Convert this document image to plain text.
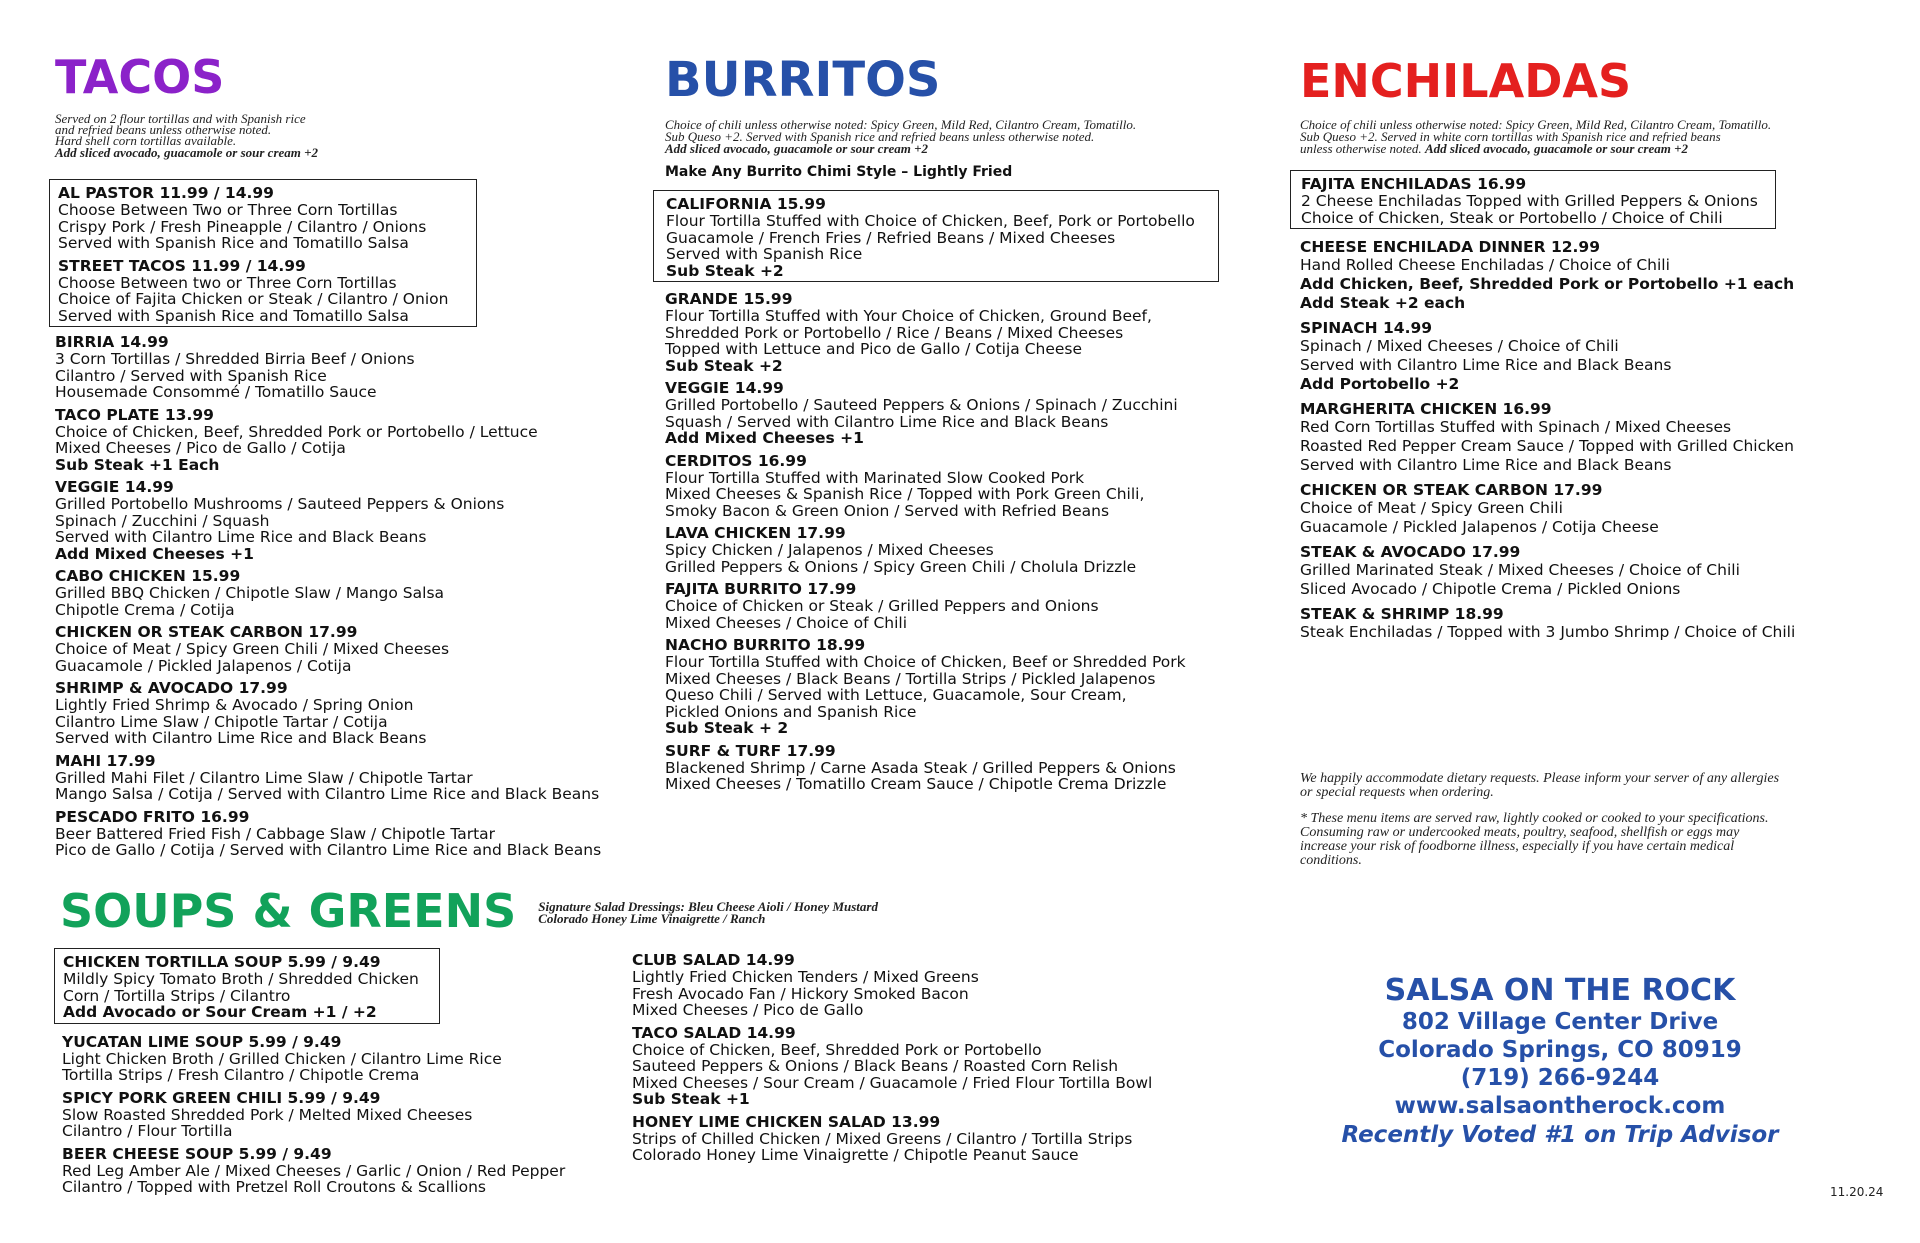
TACOS
Served on 2 flour tortillas and with Spanish rice
and refried beans unless otherwise noted.
Hard shell corn tortillas available.
Add sliced avocado, guacamole or sour cream +2
AL PASTOR 11.99 / 14.99
Choose Between Two or Three Corn Tortillas
Crispy Pork / Fresh Pineapple / Cilantro / Onions
Served with Spanish Rice and Tomatillo Salsa
STREET TACOS 11.99 / 14.99
Choose Between two or Three Corn Tortillas
Choice of Fajita Chicken or Steak / Cilantro / Onion
Served with Spanish Rice and Tomatillo Salsa
BIRRIA 14.99
3 Corn Tortillas / Shredded Birria Beef / Onions
Cilantro / Served with Spanish Rice
Housemade Consommé / Tomatillo Sauce
TACO PLATE 13.99
Choice of Chicken, Beef, Shredded Pork or Portobello / Lettuce
Mixed Cheeses / Pico de Gallo / Cotija
Sub Steak +1 Each
VEGGIE 14.99
Grilled Portobello Mushrooms / Sauteed Peppers & Onions
Spinach / Zucchini / Squash
Served with Cilantro Lime Rice and Black Beans
Add Mixed Cheeses +1
CABO CHICKEN 15.99
Grilled BBQ Chicken / Chipotle Slaw / Mango Salsa
Chipotle Crema / Cotija
CHICKEN OR STEAK CARBON 17.99
Choice of Meat / Spicy Green Chili / Mixed Cheeses
Guacamole / Pickled Jalapenos / Cotija
SHRIMP & AVOCADO 17.99
Lightly Fried Shrimp & Avocado / Spring Onion
Cilantro Lime Slaw / Chipotle Tartar / Cotija
Served with Cilantro Lime Rice and Black Beans
MAHI 17.99
Grilled Mahi Filet / Cilantro Lime Slaw / Chipotle Tartar
Mango Salsa / Cotija / Served with Cilantro Lime Rice and Black Beans
PESCADO FRITO 16.99
Beer Battered Fried Fish / Cabbage Slaw / Chipotle Tartar
Pico de Gallo / Cotija / Served with Cilantro Lime Rice and Black Beans
BURRITOS
Choice of chili unless otherwise noted: Spicy Green, Mild Red, Cilantro Cream, Tomatillo.
Sub Queso +2. Served with Spanish rice and refried beans unless otherwise noted.
Add sliced avocado, guacamole or sour cream +2
Make Any Burrito Chimi Style – Lightly Fried
CALIFORNIA 15.99
Flour Tortilla Stuffed with Choice of Chicken, Beef, Pork or Portobello
Guacamole / French Fries / Refried Beans / Mixed Cheeses
Served with Spanish Rice
Sub Steak +2
GRANDE 15.99
Flour Tortilla Stuffed with Your Choice of Chicken, Ground Beef,
Shredded Pork or Portobello / Rice / Beans / Mixed Cheeses
Topped with Lettuce and Pico de Gallo / Cotija Cheese
Sub Steak +2
VEGGIE 14.99
Grilled Portobello / Sauteed Peppers & Onions / Spinach / Zucchini
Squash / Served with Cilantro Lime Rice and Black Beans
Add Mixed Cheeses +1
CERDITOS 16.99
Flour Tortilla Stuffed with Marinated Slow Cooked Pork
Mixed Cheeses & Spanish Rice / Topped with Pork Green Chili,
Smoky Bacon & Green Onion / Served with Refried Beans
LAVA CHICKEN 17.99
Spicy Chicken / Jalapenos / Mixed Cheeses
Grilled Peppers & Onions / Spicy Green Chili / Cholula Drizzle
FAJITA BURRITO 17.99
Choice of Chicken or Steak / Grilled Peppers and Onions
Mixed Cheeses / Choice of Chili
NACHO BURRITO 18.99
Flour Tortilla Stuffed with Choice of Chicken, Beef or Shredded Pork
Mixed Cheeses / Black Beans / Tortilla Strips / Pickled Jalapenos
Queso Chili / Served with Lettuce, Guacamole, Sour Cream,
Pickled Onions and Spanish Rice
Sub Steak + 2
SURF & TURF 17.99
Blackened Shrimp / Carne Asada Steak / Grilled Peppers & Onions
Mixed Cheeses / Tomatillo Cream Sauce / Chipotle Crema Drizzle
ENCHILADAS
Choice of chili unless otherwise noted: Spicy Green, Mild Red, Cilantro Cream, Tomatillo.
Sub Queso +2. Served in white corn tortillas with Spanish rice and refried beans
unless otherwise noted. Add sliced avocado, guacamole or sour cream +2
FAJITA ENCHILADAS 16.99
2 Cheese Enchiladas Topped with Grilled Peppers & Onions
Choice of Chicken, Steak or Portobello / Choice of Chili
CHEESE ENCHILADA DINNER 12.99
Hand Rolled Cheese Enchiladas / Choice of Chili
Add Chicken, Beef, Shredded Pork or Portobello +1 each
Add Steak +2 each
SPINACH 14.99
Spinach / Mixed Cheeses / Choice of Chili
Served with Cilantro Lime Rice and Black Beans
Add Portobello +2
MARGHERITA CHICKEN 16.99
Red Corn Tortillas Stuffed with Spinach / Mixed Cheeses
Roasted Red Pepper Cream Sauce / Topped with Grilled Chicken
Served with Cilantro Lime Rice and Black Beans
CHICKEN OR STEAK CARBON 17.99
Choice of Meat / Spicy Green Chili
Guacamole / Pickled Jalapenos / Cotija Cheese
STEAK & AVOCADO 17.99
Grilled Marinated Steak / Mixed Cheeses / Choice of Chili
Sliced Avocado / Chipotle Crema / Pickled Onions
STEAK & SHRIMP 18.99
Steak Enchiladas / Topped with 3 Jumbo Shrimp / Choice of Chili

We happily accommodate dietary requests. Please inform your server of any allergies or special requests when ordering.

* These menu items are served raw, lightly cooked or cooked to your specifications. Consuming raw or undercooked meats, poultry, seafood, shellfish or eggs may increase your risk of foodborne illness, especially if you have certain medical conditions.

SOUPS & GREENS Signature Salad Dressings: Bleu Cheese Aioli / Honey Mustard
Colorado Honey Lime Vinaigrette / Ranch
CHICKEN TORTILLA SOUP 5.99 / 9.49
Mildly Spicy Tomato Broth / Shredded Chicken
Corn / Tortilla Strips / Cilantro
Add Avocado or Sour Cream +1 / +2
YUCATAN LIME SOUP 5.99 / 9.49
Light Chicken Broth / Grilled Chicken / Cilantro Lime Rice
Tortilla Strips / Fresh Cilantro / Chipotle Crema
SPICY PORK GREEN CHILI 5.99 / 9.49
Slow Roasted Shredded Pork / Melted Mixed Cheeses
Cilantro / Flour Tortilla
BEER CHEESE SOUP 5.99 / 9.49
Red Leg Amber Ale / Mixed Cheeses / Garlic / Onion / Red Pepper
Cilantro / Topped with Pretzel Roll Croutons & Scallions
CLUB SALAD 14.99
Lightly Fried Chicken Tenders / Mixed Greens
Fresh Avocado Fan / Hickory Smoked Bacon
Mixed Cheeses / Pico de Gallo
TACO SALAD 14.99
Choice of Chicken, Beef, Shredded Pork or Portobello
Sauteed Peppers & Onions / Black Beans / Roasted Corn Relish
Mixed Cheeses / Sour Cream / Guacamole / Fried Flour Tortilla Bowl
Sub Steak +1
HONEY LIME CHICKEN SALAD 13.99
Strips of Chilled Chicken / Mixed Greens / Cilantro / Tortilla Strips
Colorado Honey Lime Vinaigrette / Chipotle Peanut Sauce
SALSA ON THE ROCK
802 Village Center Drive
Colorado Springs, CO 80919
(719) 266-9244
www.salsaontherock.com
Recently Voted #1 on Trip Advisor
11.20.24
